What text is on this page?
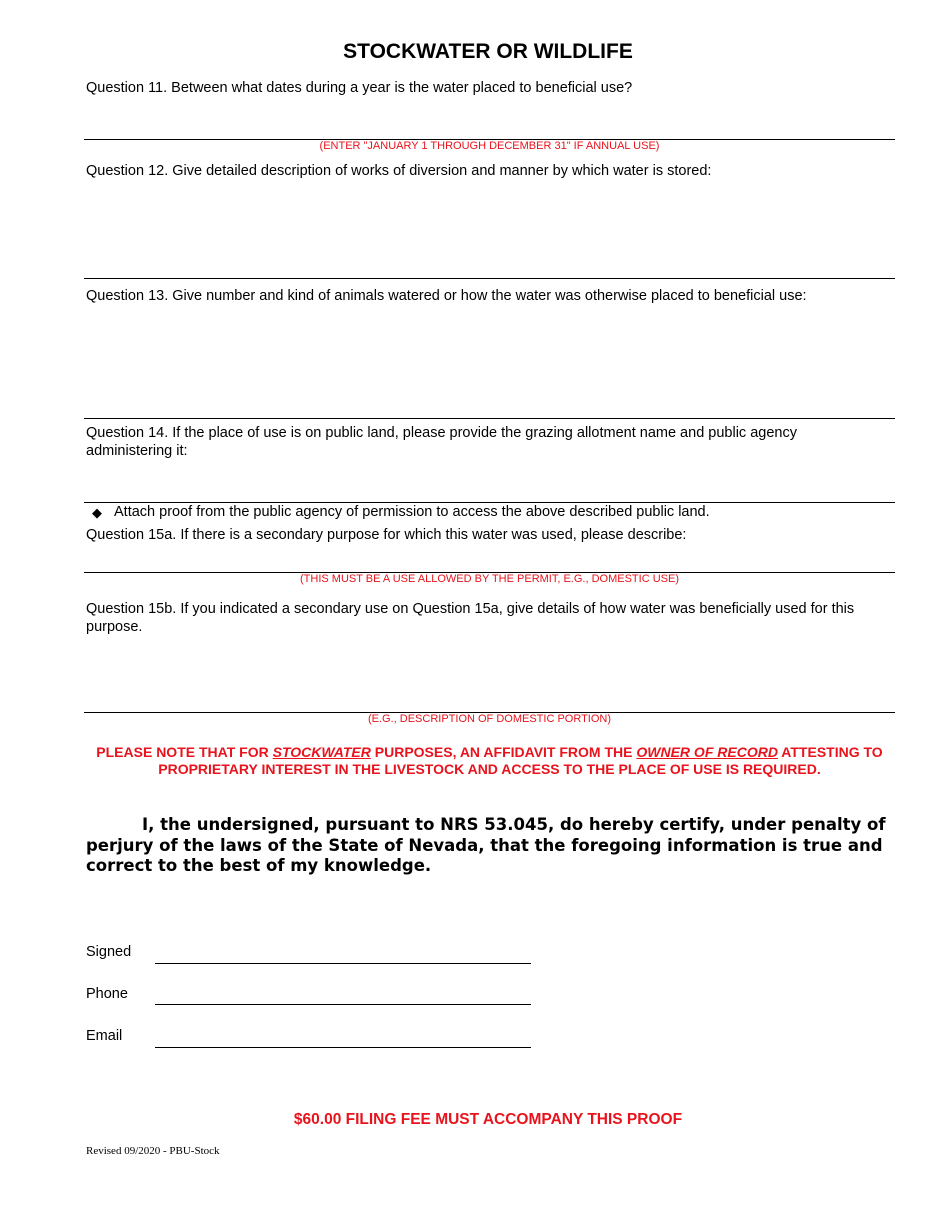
STOCKWATER OR WILDLIFE
Question 11. Between what dates during a year is the water placed to beneficial use?
(ENTER "JANUARY 1 THROUGH DECEMBER 31" IF ANNUAL USE)
Question 12. Give detailed description of works of diversion and manner by which water is stored:
Question 13. Give number and kind of animals watered or how the water was otherwise placed to beneficial use:
Question 14. If the place of use is on public land, please provide the grazing allotment name and public agency administering it:
◆ Attach proof from the public agency of permission to access the above described public land.
Question 15a. If there is a secondary purpose for which this water was used, please describe:
(THIS MUST BE A USE ALLOWED BY THE PERMIT, E.G., DOMESTIC USE)
Question 15b. If you indicated a secondary use on Question 15a, give details of how water was beneficially used for this purpose.
(E.G., DESCRIPTION OF DOMESTIC PORTION)
PLEASE NOTE THAT FOR STOCKWATER PURPOSES, AN AFFIDAVIT FROM THE OWNER OF RECORD ATTESTING TO PROPRIETARY INTEREST IN THE LIVESTOCK AND ACCESS TO THE PLACE OF USE IS REQUIRED.
I, the undersigned, pursuant to NRS 53.045, do hereby certify, under penalty of perjury of the laws of the State of Nevada, that the foregoing information is true and correct to the best of my knowledge.
Signed
Phone
Email
$60.00 FILING FEE MUST ACCOMPANY THIS PROOF
Revised 09/2020 - PBU-Stock
